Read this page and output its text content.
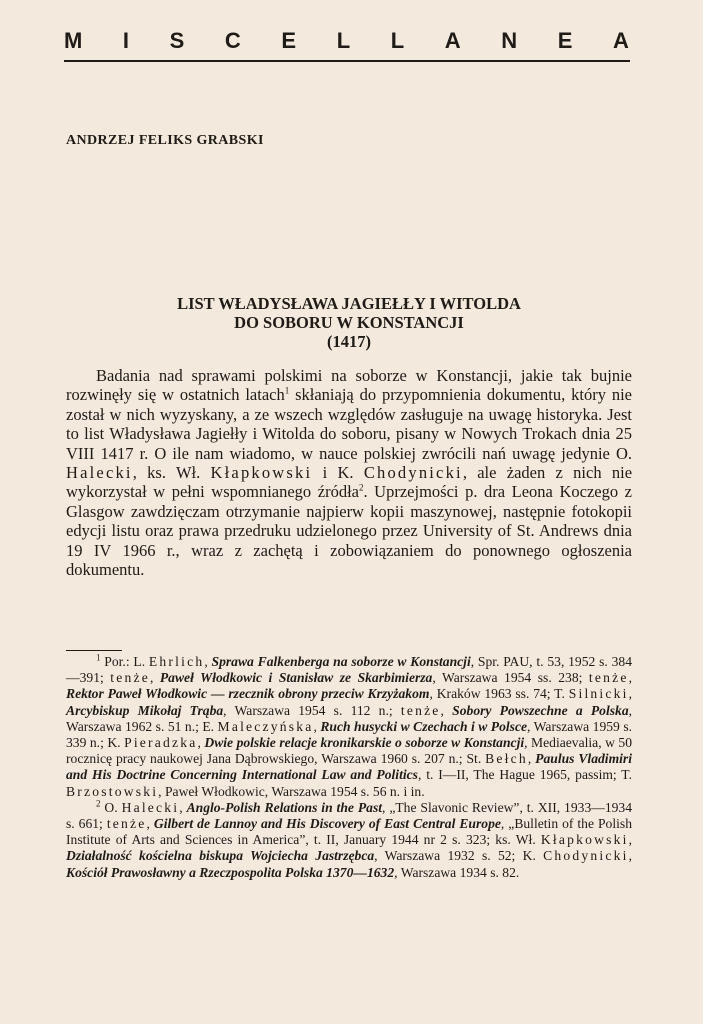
M I S C E L L A N E A
ANDRZEJ FELIKS GRABSKI
LIST WŁADYSŁAWA JAGIEŁŁY I WITOLDA
DO SOBORU W KONSTANCJI
(1417)

Badania nad sprawami polskimi na soborze w Konstancji, jakie tak bujnie rozwinęły się w ostatnich latach$^1$ skłaniają do przypomnienia dokumentu, który nie został w nich wyzyskany, a ze wszech względów zasługuje na uwagę historyka. Jest to list Władysława Jagiełły i Witolda do soboru, pisany w Nowych Trokach dnia 25 VIII 1417 r. O ile nam wiadomo, w nauce polskiej zwrócili nań uwagę jedynie O. Halecki, ks. Wł. Kłapkowski i K. Chodynicki, ale żaden z nich nie wykorzystał w pełni wspomnianego źródła$^2$. Uprzejmości p. dra Leona Koczego z Glasgow zawdzięczam otrzymanie najpierw kopii maszynowej, następnie fotokopii edycji listu oraz prawa przedruku udzielonego przez University of St. Andrews dnia 19 IV 1966 r., wraz z zachętą i zobowiązaniem do ponownego ogłoszenia dokumentu.

$^1$ Por.: L. Ehrlich, Sprawa Falkenberga na soborze w Konstancji, Spr. PAU, t. 53, 1952 s. 384—391; tenże, Paweł Włodkowic i Stanisław ze Skarbimierza, Warszawa 1954 ss. 238; tenże, Rektor Paweł Włodkowic — rzecznik obrony przeciw Krzyżakom, Kraków 1963 ss. 74; T. Silnicki, Arcybiskup Mikołaj Trąba, Warszawa 1954 s. 112 n.; tenże, Sobory Powszechne a Polska, Warszawa 1962 s. 51 n.; E. Maleczyńska, Ruch husycki w Czechach i w Polsce, Warszawa 1959 s. 339 n.; K. Pieradzka, Dwie polskie relacje kronikarskie o soborze w Konstancji, Mediaevalia, w 50 rocznicę pracy naukowej Jana Dąbrowskiego, Warszawa 1960 s. 207 n.; St. Bełch, Paulus Vladimiri and His Doctrine Concerning International Law and Politics, t. I—II, The Hague 1965, passim; T. Brzostowski, Paweł Włodkowic, Warszawa 1954 s. 56 n. i in.

$^2$ O. Halecki, Anglo-Polish Relations in the Past, „The Slavonic Review”, t. XII, 1933—1934 s. 661; tenże, Gilbert de Lannoy and His Discovery of East Central Europe, „Bulletin of the Polish Institute of Arts and Sciences in America”, t. II, January 1944 nr 2 s. 323; ks. Wł. Kłapkowski, Działalność kościelna biskupa Wojciecha Jastrzębca, Warszawa 1932 s. 52; K. Chodynicki, Kościół Prawosławny a Rzeczpospolita Polska 1370—1632, Warszawa 1934 s. 82.
